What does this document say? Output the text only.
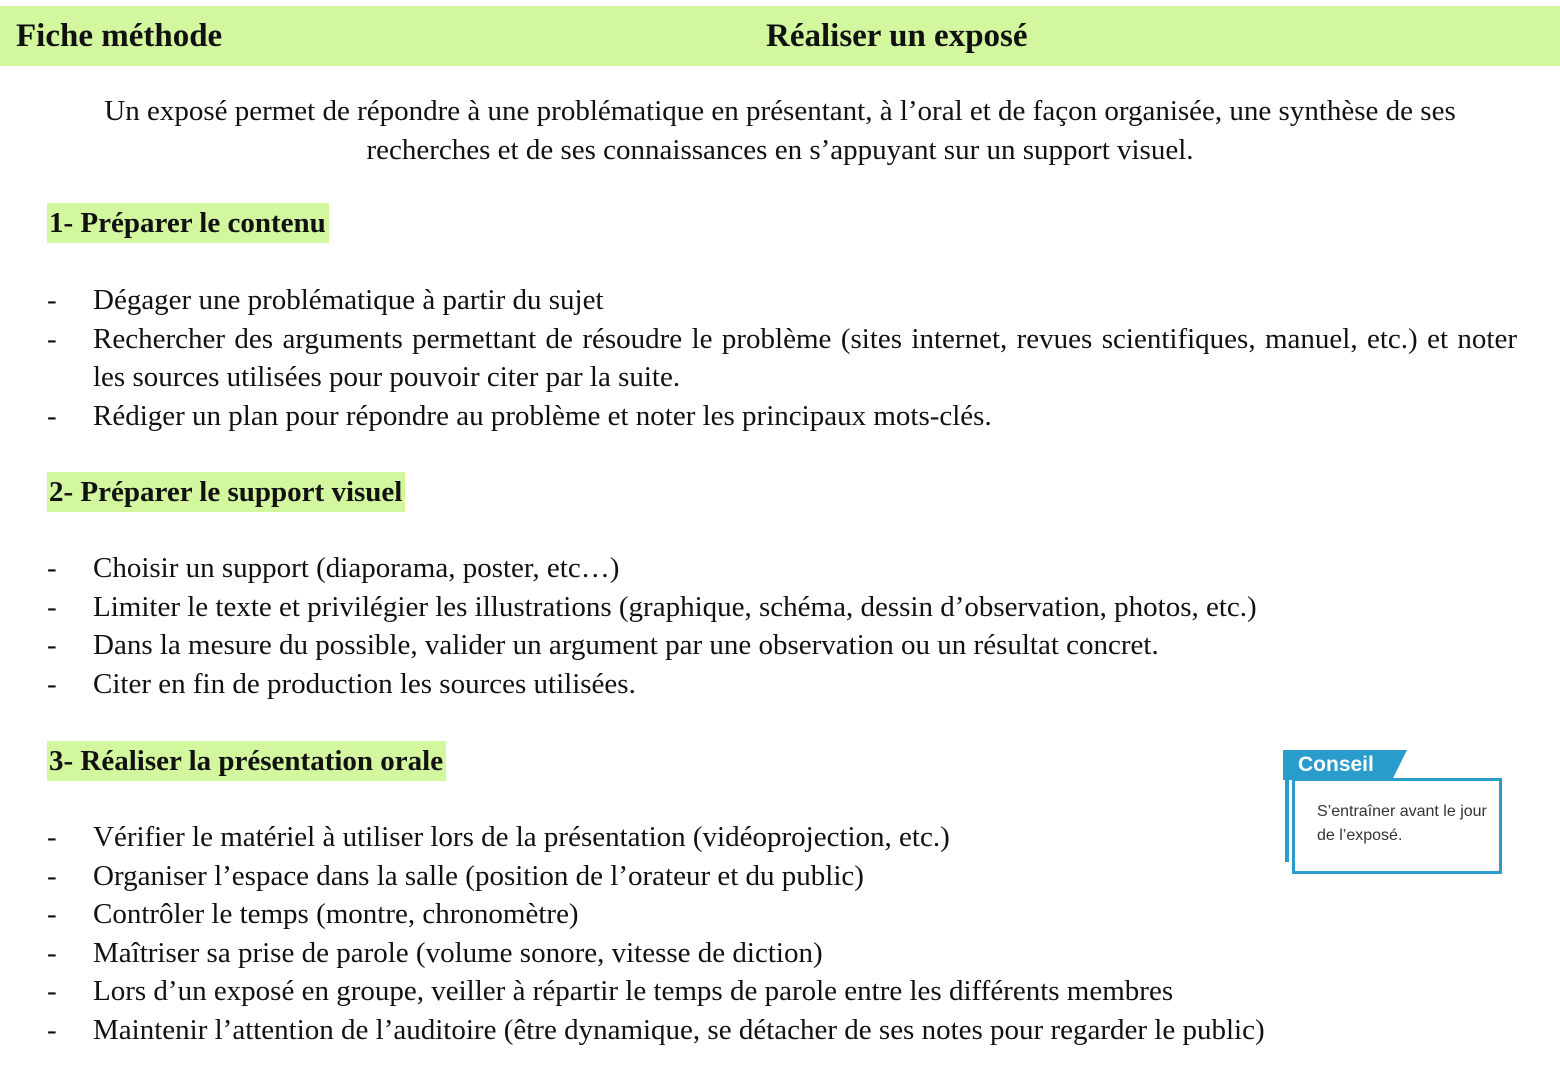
Fiche méthode	Réaliser un exposé
Un exposé permet de répondre à une problématique en présentant, à l’oral et de façon organisée, une synthèse de ses recherches et de ses connaissances en s’appuyant sur un support visuel.
1- Préparer le contenu
- Dégager une problématique à partir du sujet
- Rechercher des arguments permettant de résoudre le problème (sites internet, revues scientifiques, manuel, etc.) et noter les sources utilisées pour pouvoir citer par la suite.
- Rédiger un plan pour répondre au problème et noter les principaux mots-clés.
2- Préparer le support visuel
- Choisir un support (diaporama, poster, etc…)
- Limiter le texte et privilégier les illustrations (graphique, schéma, dessin d’observation, photos, etc.)
- Dans la mesure du possible, valider un argument par une observation ou un résultat concret.
- Citer en fin de production les sources utilisées.
3- Réaliser la présentation orale
- Vérifier le matériel à utiliser lors de la présentation (vidéoprojection, etc.)
- Organiser l’espace dans la salle (position de l’orateur et du public)
- Contrôler le temps (montre, chronomètre)
- Maîtriser sa prise de parole (volume sonore, vitesse de diction)
- Lors d’un exposé en groupe, veiller à répartir le temps de parole entre les différents membres
- Maintenir l’attention de l’auditoire (être dynamique, se détacher de ses notes pour regarder le public)
Conseil
S’entraîner avant le jour de l’exposé.
